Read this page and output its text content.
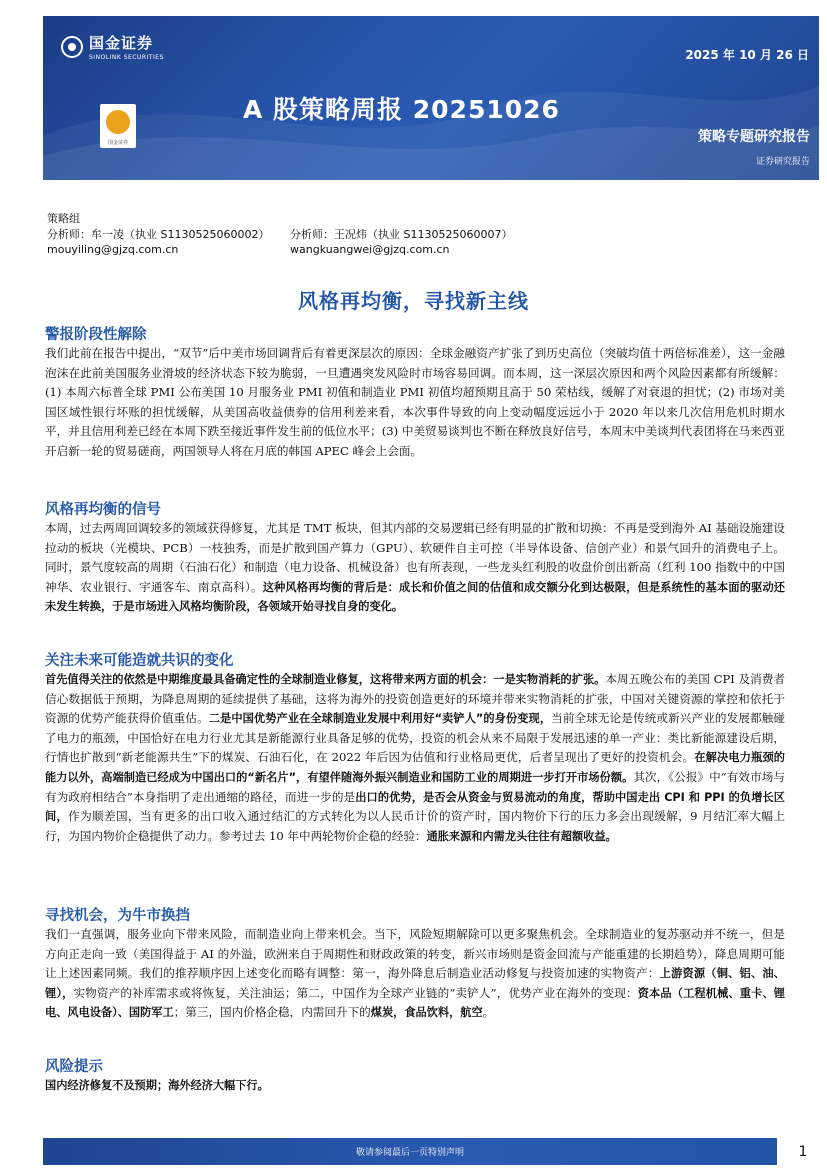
国金证券
SINOLINK SECURITIES
国金证券
2025 年 10 月 26 日
A 股策略周报 20251026
策略专题研究报告
证券研究报告
策略组
分析师：牟一凌（执业 S1130525060002） 分析师：王况炜（执业 S1130525060007）
mouyiling@gjzq.com.cn	wangkuangwei@gjzq.com.cn
风格再均衡，寻找新主线
警报阶段性解除

我们此前在报告中提出，“双节”后中美市场回调背后有着更深层次的原因：全球金融资产扩张了到历史高位（突破均值十两倍标准差），这一金融泡沫在此前美国服务业滑坡的经济状态下较为脆弱，一旦遭遇突发风险时市场容易回调。而本周，这一深层次原因和两个风险因素都有所缓解：(1) 本周六标普全球 PMI 公布美国 10 月服务业 PMI 初值和制造业 PMI 初值均超预期且高于 50 荣枯线，缓解了对衰退的担忧；(2) 市场对美国区域性银行坏账的担忧缓解，从美国高收益债券的信用利差来看，本次事件导致的向上变动幅度远远小于 2020 年以来几次信用危机时期水平，并且信用利差已经在本周下跌至接近事件发生前的低位水平；(3) 中美贸易谈判也不断在释放良好信号，本周末中美谈判代表团将在马来西亚开启新一轮的贸易磋商，两国领导人将在月底的韩国 APEC 峰会上会面。

风格再均衡的信号

本周，过去两周回调较多的领域获得修复，尤其是 TMT 板块，但其内部的交易逻辑已经有明显的扩散和切换：不再是受到海外 AI 基础设施建设拉动的板块（光模块、PCB）一枝独秀，而是扩散到国产算力（GPU）、软硬件自主可控（半导体设备、信创产业）和景气回升的消费电子上。同时，景气度较高的周期（石油石化）和制造（电力设备、机械设备）也有所表现，一些龙头红利股的收盘价创出新高（红利 100 指数中的中国神华、农业银行、宇通客车、南京高科）。这种风格再均衡的背后是：成长和价值之间的估值和成交额分化到达极限，但是系统性的基本面的驱动还未发生转换，于是市场进入风格均衡阶段，各领域开始寻找自身的变化。

关注未来可能造就共识的变化

首先值得关注的依然是中期维度最具备确定性的全球制造业修复，这将带来两方面的机会：一是实物消耗的扩张。本周五晚公布的美国 CPI 及消费者信心数据低于预期，为降息周期的延续提供了基础，这将为海外的投资创造更好的环境并带来实物消耗的扩张，中国对关键资源的掌控和依托于资源的优势产能获得价值重估。二是中国优势产业在全球制造业发展中利用好“卖铲人”的身份变现，当前全球无论是传统或新兴产业的发展都触碰了电力的瓶颈，中国恰好在电力行业尤其是新能源行业具备足够的优势，投资的机会从来不局限于发展迅速的单一产业：类比新能源建设后期，行情也扩散到“新老能源共生”下的煤炭、石油石化，在 2022 年后因为估值和行业格局更优，后者呈现出了更好的投资机会。在解决电力瓶颈的能力以外，高端制造已经成为中国出口的“新名片”，有望伴随海外振兴制造业和国防工业的周期进一步打开市场份额。其次，《公报》中“有效市场与有为政府相结合”本身指明了走出通缩的路径，而进一步的是出口的优势，是否会从资金与贸易流动的角度，帮助中国走出 CPI 和 PPI 的负增长区间，作为顺差国，当有更多的出口收入通过结汇的方式转化为以人民币计价的资产时，国内物价下行的压力多会出现缓解，9 月结汇率大幅上行，为国内物价企稳提供了动力。参考过去 10 年中两轮物价企稳的经验：通胀来源和内需龙头往往有超额收益。

寻找机会，为牛市换挡

我们一直强调，服务业向下带来风险，而制造业向上带来机会。当下，风险短期解除可以更多聚焦机会。全球制造业的复苏驱动并不统一，但是方向正走向一致（美国得益于 AI 的外溢，欧洲来自于周期性和财政政策的转变，新兴市场则是资金回流与产能重建的长期趋势），降息周期可能让上述因素同频。我们的推荐顺序因上述变化而略有调整：第一，海外降息后制造业活动修复与投资加速的实物资产：上游资源（铜、铝、油、锂），实物资产的补库需求或将恢复，关注油运；第二，中国作为全球产业链的“卖铲人”，优势产业在海外的变现：资本品（工程机械、重卡、锂电、风电设备）、国防军工；第三，国内价格企稳，内需回升下的煤炭，食品饮料，航空。

风险提示

国内经济修复不及预期；海外经济大幅下行。

敬请参阅最后一页特别声明	1
